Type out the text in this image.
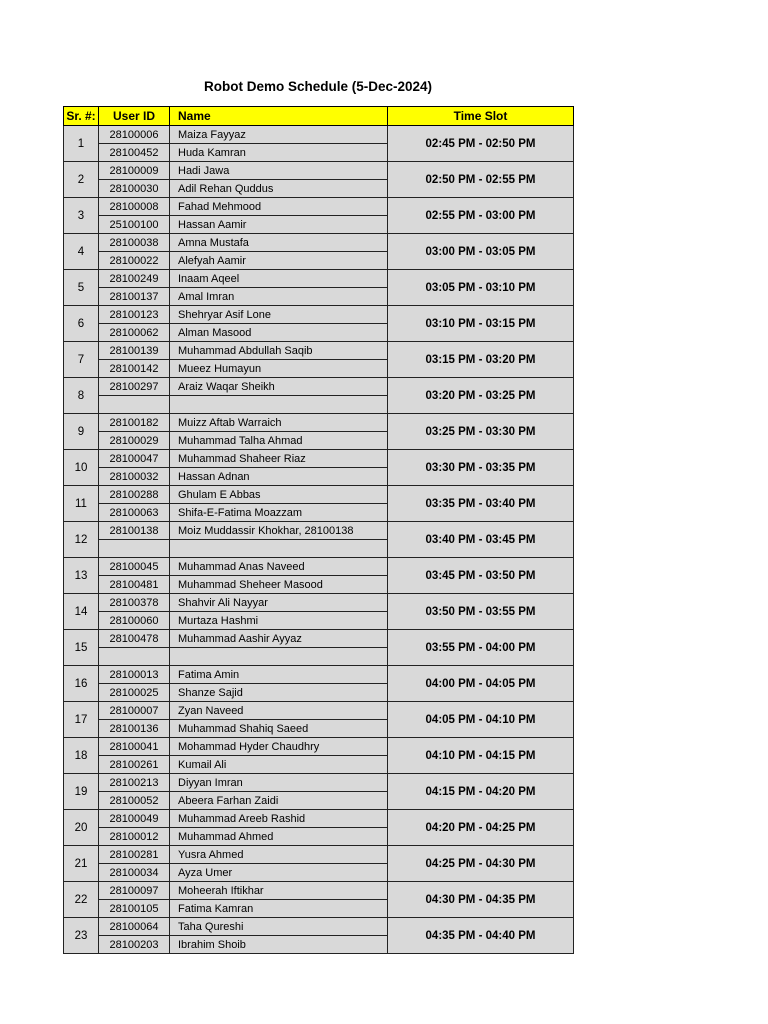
Robot Demo Schedule (5-Dec-2024)
Sr. #:	User ID	Name	Time Slot
1	28100006	Maiza Fayyaz	02:45 PM - 02:50 PM
	28100452	Huda Kamran	
2	28100009	Hadi Jawa	02:50 PM - 02:55 PM
	28100030	Adil Rehan Quddus	
3	28100008	Fahad Mehmood	02:55 PM - 03:00 PM
	25100100	Hassan Aamir	
4	28100038	Amna Mustafa	03:00 PM - 03:05 PM
	28100022	Alefyah Aamir	
5	28100249	Inaam Aqeel	03:05 PM - 03:10 PM
	28100137	Amal Imran	
6	28100123	Shehryar Asif Lone	03:10 PM - 03:15 PM
	28100062	Alman Masood	
7	28100139	Muhammad Abdullah Saqib	03:15 PM - 03:20 PM
	28100142	Mueez Humayun	
8	28100297	Araiz Waqar Sheikh	03:20 PM - 03:25 PM

9	28100182	Muizz Aftab Warraich	03:25 PM - 03:30 PM
	28100029	Muhammad Talha Ahmad	
10	28100047	Muhammad Shaheer Riaz	03:30 PM - 03:35 PM
	28100032	Hassan Adnan	
11	28100288	Ghulam E Abbas	03:35 PM - 03:40 PM
	28100063	Shifa-E-Fatima Moazzam	
12	28100138	Moiz Muddassir Khokhar, 28100138	03:40 PM - 03:45 PM

13	28100045	Muhammad Anas Naveed	03:45 PM - 03:50 PM
	28100481	Muhammad Sheheer Masood	
14	28100378	Shahvir Ali Nayyar	03:50 PM - 03:55 PM
	28100060	Murtaza Hashmi	
15	28100478	Muhammad Aashir Ayyaz	03:55 PM - 04:00 PM

16	28100013	Fatima Amin	04:00 PM - 04:05 PM
	28100025	Shanze Sajid	
17	28100007	Zyan Naveed	04:05 PM - 04:10 PM
	28100136	Muhammad Shahiq Saeed	
18	28100041	Mohammad Hyder Chaudhry	04:10 PM - 04:15 PM
	28100261	Kumail Ali	
19	28100213	Diyyan Imran	04:15 PM - 04:20 PM
	28100052	Abeera Farhan Zaidi	
20	28100049	Muhammad Areeb Rashid	04:20 PM - 04:25 PM
	28100012	Muhammad Ahmed	
21	28100281	Yusra Ahmed	04:25 PM - 04:30 PM
	28100034	Ayza Umer	
22	28100097	Moheerah Iftikhar	04:30 PM - 04:35 PM
	28100105	Fatima Kamran	
23	28100064	Taha Qureshi	04:35 PM - 04:40 PM
	28100203	Ibrahim Shoib	
